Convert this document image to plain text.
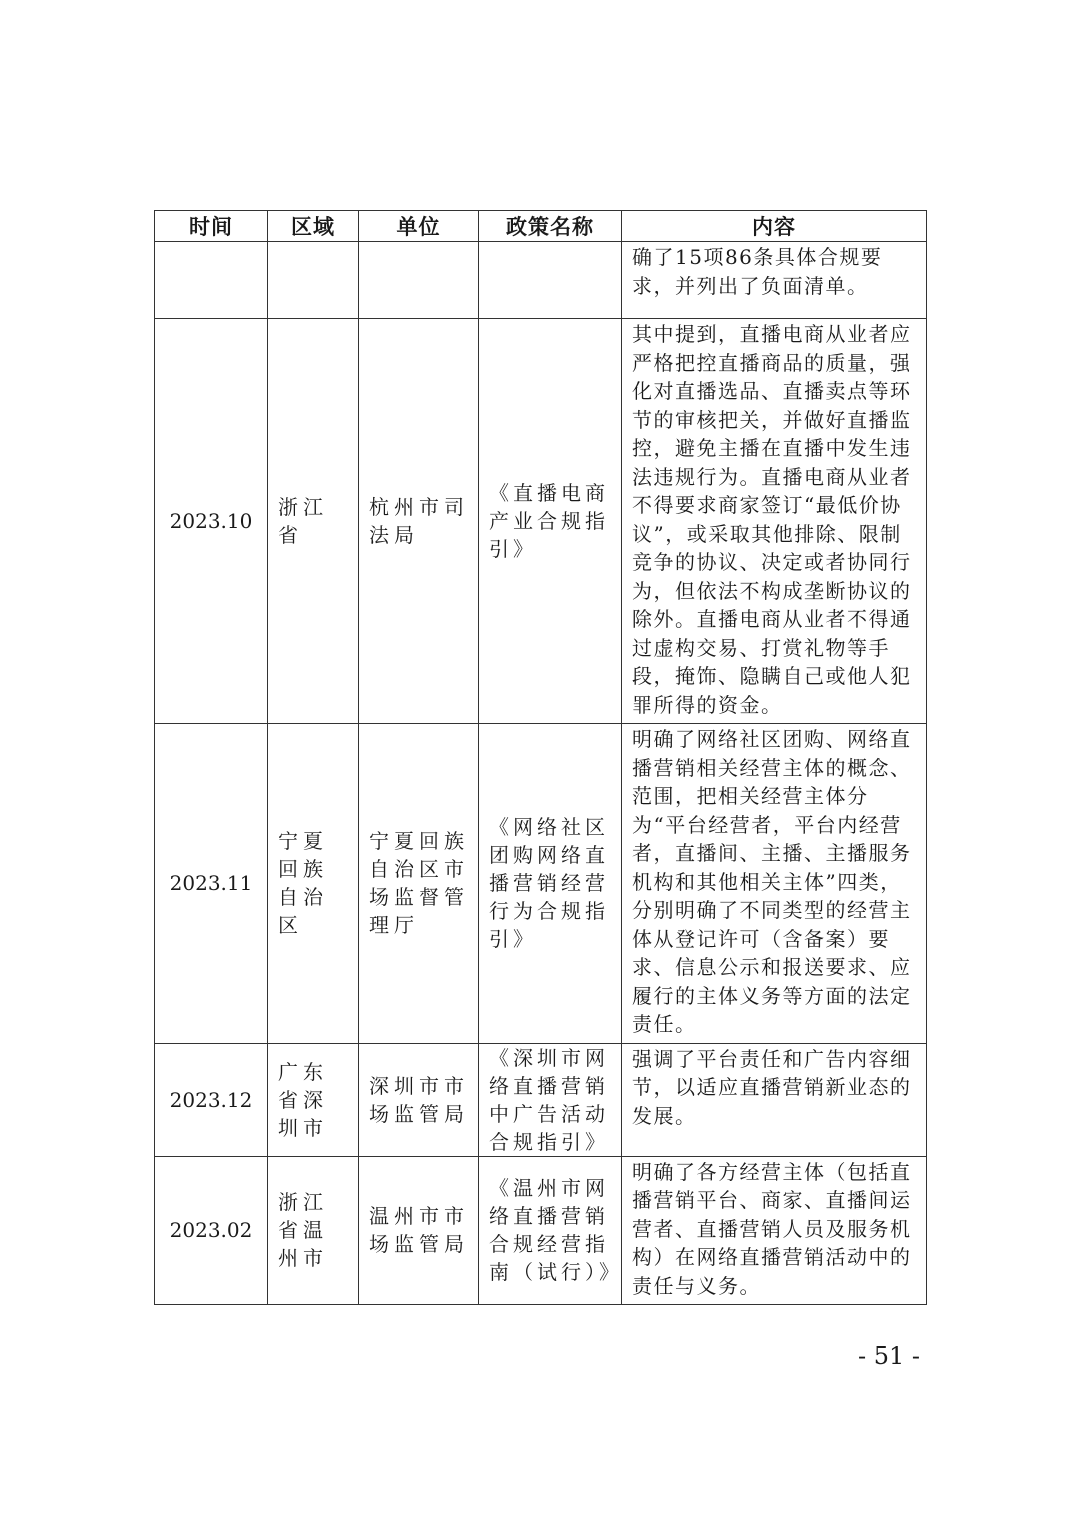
时间	区域	单位	政策名称	内容
				确了15项86条具体合规要求，并列出了负面清单。
2023.10	浙江省	杭州市司法局	《直播电商产业合规指引》	其中提到，直播电商从业者应严格把控直播商品的质量，强化对直播选品、直播卖点等环节的审核把关，并做好直播监控，避免主播在直播中发生违法违规行为。直播电商从业者不得要求商家签订“最低价协议”，或采取其他排除、限制竞争的协议、决定或者协同行为，但依法不构成垄断协议的除外。直播电商从业者不得通过虚构交易、打赏礼物等手段，掩饰、隐瞒自己或他人犯罪所得的资金。
2023.11	宁夏回族自治区	宁夏回族自治区市场监督管理厅	《网络社区团购网络直播营销经营行为合规指引》	明确了网络社区团购、网络直播营销相关经营主体的概念、范围，把相关经营主体分为“平台经营者，平台内经营者，直播间、主播、主播服务机构和其他相关主体”四类，分别明确了不同类型的经营主体从登记许可（含备案）要求、信息公示和报送要求、应履行的主体义务等方面的法定责任。
2023.12	广东省深圳市	深圳市市场监管局	《深圳市网络直播营销中广告活动合规指引》	强调了平台责任和广告内容细节，以适应直播营销新业态的发展。
2023.02	浙江省温州市	温州市市场监管局	《温州市网络直播营销合规经营指南（试行）》	明确了各方经营主体（包括直播营销平台、商家、直播间运营者、直播营销人员及服务机构）在网络直播营销活动中的责任与义务。
- 51 -
